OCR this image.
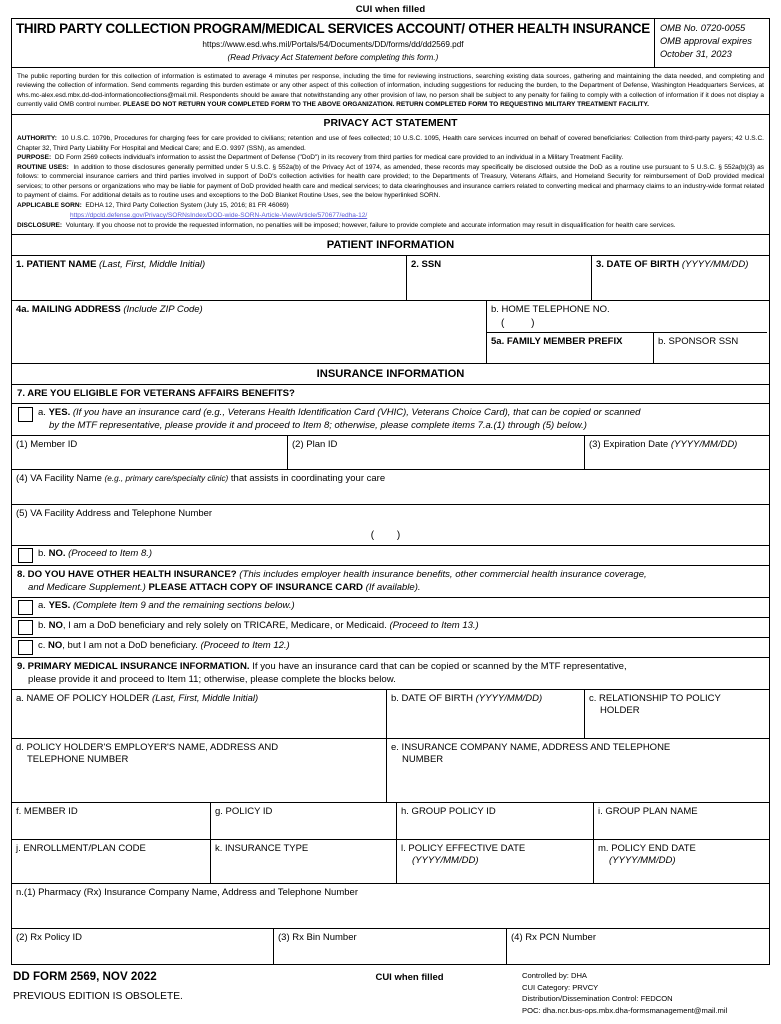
CUI when filled
THIRD PARTY COLLECTION PROGRAM/MEDICAL SERVICES ACCOUNT/ OTHER HEALTH INSURANCE
https://www.esd.whs.mil/Portals/54/Documents/DD/forms/dd/dd2569.pdf
(Read Privacy Act Statement before completing this form.)
OMB No. 0720-0055
OMB approval expires
October 31, 2023
The public reporting burden for this collection of information is estimated to average 4 minutes per response, including the time for reviewing instructions, searching existing data sources, gathering and maintaining the data needed, and completing and reviewing the collection of information. Send comments regarding this burden estimate or any other aspect of this collection of information, including suggestions for reducing the burden, to the Department of Defense, Washington Headquarters Services, at whs.mc-alex.esd.mbx.dd-dod-informationcollections@mail.mil. Respondents should be aware that notwithstanding any other provision of law, no person shall be subject to any penalty for failing to comply with a collection of information if it does not display a currently valid OMB control number. PLEASE DO NOT RETURN YOUR COMPLETED FORM TO THE ABOVE ORGANIZATION. RETURN COMPLETED FORM TO REQUESTING MILITARY TREATMENT FACILITY.
PRIVACY ACT STATEMENT

AUTHORITY: 10 U.S.C. 1079b, Procedures for charging fees for care provided to civilians; retention and use of fees collected; 10 U.S.C. 1095, Health care services incurred on behalf of covered beneficiaries: Collection from third-party payers; 42 U.S.C. Chapter 32, Third Party Liability For Hospital and Medical Care; and E.O. 9397 (SSN), as amended.

PURPOSE: DD Form 2569 collects individual's information to assist the Department of Defense ("DoD") in its recovery from third parties for medical care provided to an individual in a Military Treatment Facility.

ROUTINE USES: In addition to those disclosures generally permitted under 5 U.S.C. § 552a(b) of the Privacy Act of 1974, as amended, these records may specifically be disclosed outside the DoD as a routine use pursuant to 5 U.S.C. § 552a(b)(3) as follows: to commercial insurance carriers and third parties involved in support of DoD's collection activities for health care provided; to the Departments of Treasury, Veterans Affairs, and Homeland Security for reimbursement of DoD provided medical services; to other persons or organizations who may be liable for payment of DoD provided health care and medical services; to data clearinghouses and insurance carriers related to converting medical and pharmacy claims to an industry-wide format related to payment of claims. For additional details as to routine uses and exceptions to the DoD Blanket Routine Uses, see the below hyperlinked SORN.

APPLICABLE SORN: EDHA 12, Third Party Collection System (July 15, 2016; 81 FR 46069)

https://dpcld.defense.gov/Privacy/SORNsIndex/DOD-wide-SORN-Article-View/Article/570677/edha-12/

DISCLOSURE: Voluntary. If you choose not to provide the requested information, no penalties will be imposed; however, failure to provide complete and accurate information may result in disqualification for health care services.

PATIENT INFORMATION
1. PATIENT NAME (Last, First, Middle Initial)	2. SSN	3. DATE OF BIRTH (YYYY/MM/DD)
4a. MAILING ADDRESS (Include ZIP Code)	b. HOME TELEPHONE NO.
( )
5a. FAMILY MEMBER PREFIX	b. SPONSOR SSN
INSURANCE INFORMATION
7. ARE YOU ELIGIBLE FOR VETERANS AFFAIRS BENEFITS?
a. YES. (If you have an insurance card (e.g., Veterans Health Identification Card (VHIC), Veterans Choice Card), that can be copied or scanned
by the MTF representative, please provide it and proceed to Item 8; otherwise, please complete items 7.a.(1) through (5) below.)
(1) Member ID	(2) Plan ID	(3) Expiration Date (YYYY/MM/DD)
(4) VA Facility Name (e.g., primary care/specialty clinic) that assists in coordinating your care
(5) VA Facility Address and Telephone Number
( )
b. NO. (Proceed to Item 8.)
8. DO YOU HAVE OTHER HEALTH INSURANCE? (This includes employer health insurance benefits, other commercial health insurance coverage,
and Medicare Supplement.) PLEASE ATTACH COPY OF INSURANCE CARD (If available).
a. YES. (Complete Item 9 and the remaining sections below.)
b. NO, I am a DoD beneficiary and rely solely on TRICARE, Medicare, or Medicaid. (Proceed to Item 13.)
c. NO, but I am not a DoD beneficiary. (Proceed to Item 12.)
9. PRIMARY MEDICAL INSURANCE INFORMATION. If you have an insurance card that can be copied or scanned by the MTF representative,
please provide it and proceed to Item 11; otherwise, please complete the blocks below.
a. NAME OF POLICY HOLDER (Last, First, Middle Initial)	b. DATE OF BIRTH (YYYY/MM/DD)	c. RELATIONSHIP TO POLICY
HOLDER
d. POLICY HOLDER'S EMPLOYER'S NAME, ADDRESS AND
TELEPHONE NUMBER
e. INSURANCE COMPANY NAME, ADDRESS AND TELEPHONE
NUMBER
f. MEMBER ID	g. POLICY ID	h. GROUP POLICY ID	i. GROUP PLAN NAME
j. ENROLLMENT/PLAN CODE	k. INSURANCE TYPE	l. POLICY EFFECTIVE DATE
(YYYY/MM/DD)
m. POLICY END DATE
(YYYY/MM/DD)
n.(1) Pharmacy (Rx) Insurance Company Name, Address and Telephone Number
(2) Rx Policy ID	(3) Rx Bin Number	(4) Rx PCN Number
DD FORM 2569, NOV 2022
PREVIOUS EDITION IS OBSOLETE.
CUI when filled	Controlled by: DHA
CUI Category: PRVCY
Distribution/Dissemination Control: FEDCON
POC: dha.ncr.bus-ops.mbx.dha-formsmanagement@mail.mil
